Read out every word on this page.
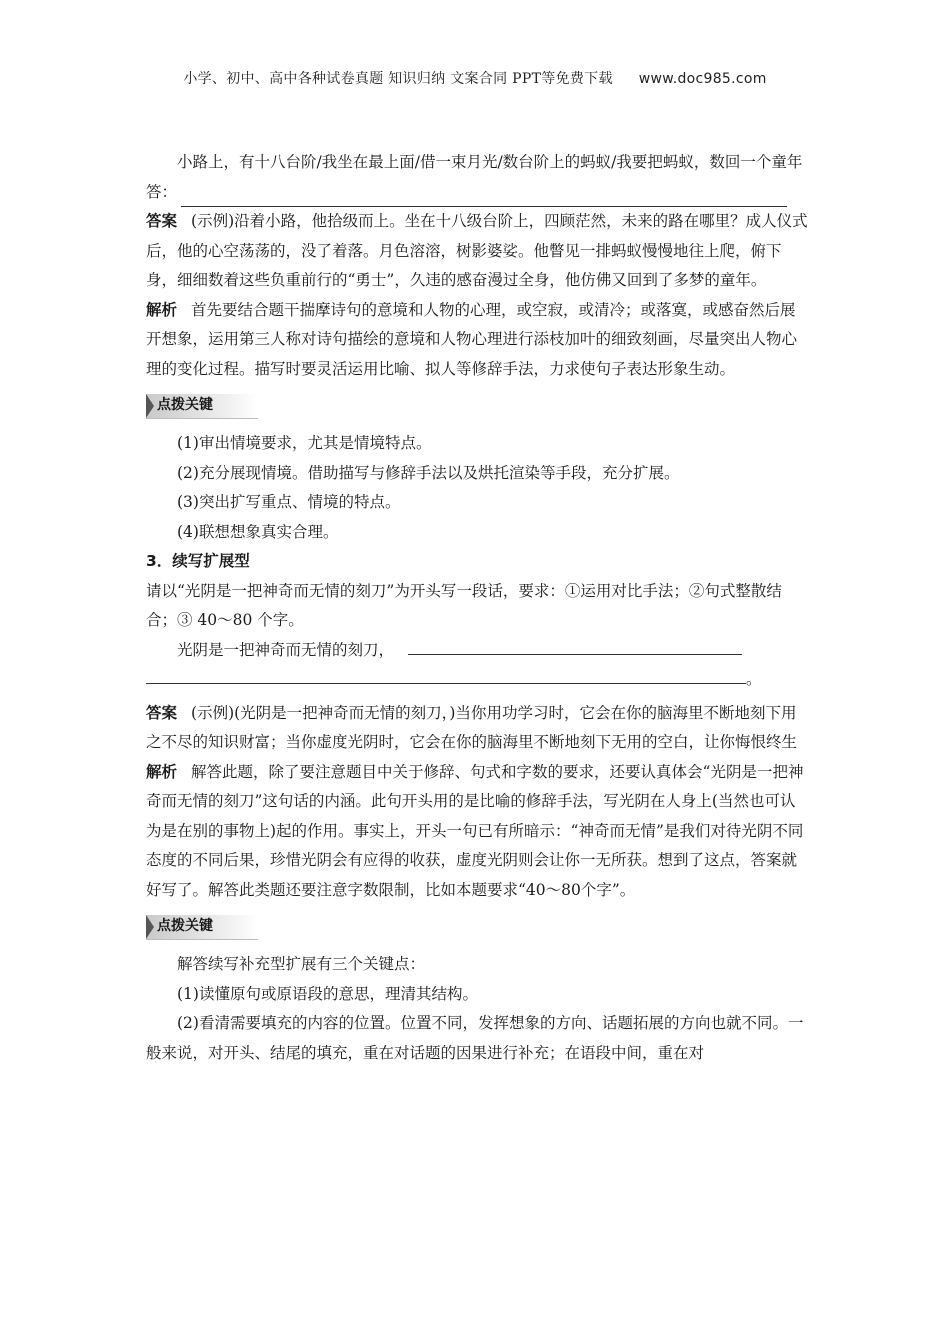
小学、初中、高中各种试卷真题 知识归纳 文案合同 PPT等免费下载 www.doc985.com

小路上，有十八台阶/我坐在最上面/借一束月光/数台阶上的蚂蚁/我要把蚂蚁，数回一个童年

答：

答案 (示例)沿着小路，他拾级而上。坐在十八级台阶上，四顾茫然，未来的路在哪里？成人仪式后，他的心空荡荡的，没了着落。月色溶溶，树影婆娑。他瞥见一排蚂蚁慢慢地往上爬，俯下身，细细数着这些负重前行的“勇士”，久违的感奋漫过全身，他仿佛又回到了多梦的童年。

解析 首先要结合题干揣摩诗句的意境和人物的心理，或空寂，或清冷；或落寞，或感奋然后展开想象，运用第三人称对诗句描绘的意境和人物心理进行添枝加叶的细致刻画，尽量突出人物心理的变化过程。描写时要灵活运用比喻、拟人等修辞手法，力求使句子表达形象生动。

点拨关键

(1)审出情境要求，尤其是情境特点。

(2)充分展现情境。借助描写与修辞手法以及烘托渲染等手段，充分扩展。

(3)突出扩写重点、情境的特点。

(4)联想想象真实合理。

3．续写扩展型

请以“光阴是一把神奇而无情的刻刀”为开头写一段话，要求：①运用对比手法；②句式整散结合；③ 40～80 个字。

光阴是一把神奇而无情的刻刀，

。

答案 (示例)(光阴是一把神奇而无情的刻刀，)当你用功学习时，它会在你的脑海里不断地刻下用之不尽的知识财富；当你虚度光阴时，它会在你的脑海里不断地刻下无用的空白，让你悔恨终生

解析 解答此题，除了要注意题目中关于修辞、句式和字数的要求，还要认真体会“光阴是一把神奇而无情的刻刀”这句话的内涵。此句开头用的是比喻的修辞手法，写光阴在人身上(当然也可认为是在别的事物上)起的作用。事实上，开头一句已有所暗示：“神奇而无情”是我们对待光阴不同态度的不同后果，珍惜光阴会有应得的收获，虚度光阴则会让你一无所获。想到了这点，答案就好写了。解答此类题还要注意字数限制，比如本题要求“40～80个字”。

点拨关键

解答续写补充型扩展有三个关键点：

(1)读懂原句或原语段的意思，理清其结构。

(2)看清需要填充的内容的位置。位置不同，发挥想象的方向、话题拓展的方向也就不同。一般来说，对开头、结尾的填充，重在对话题的因果进行补充；在语段中间，重在对
